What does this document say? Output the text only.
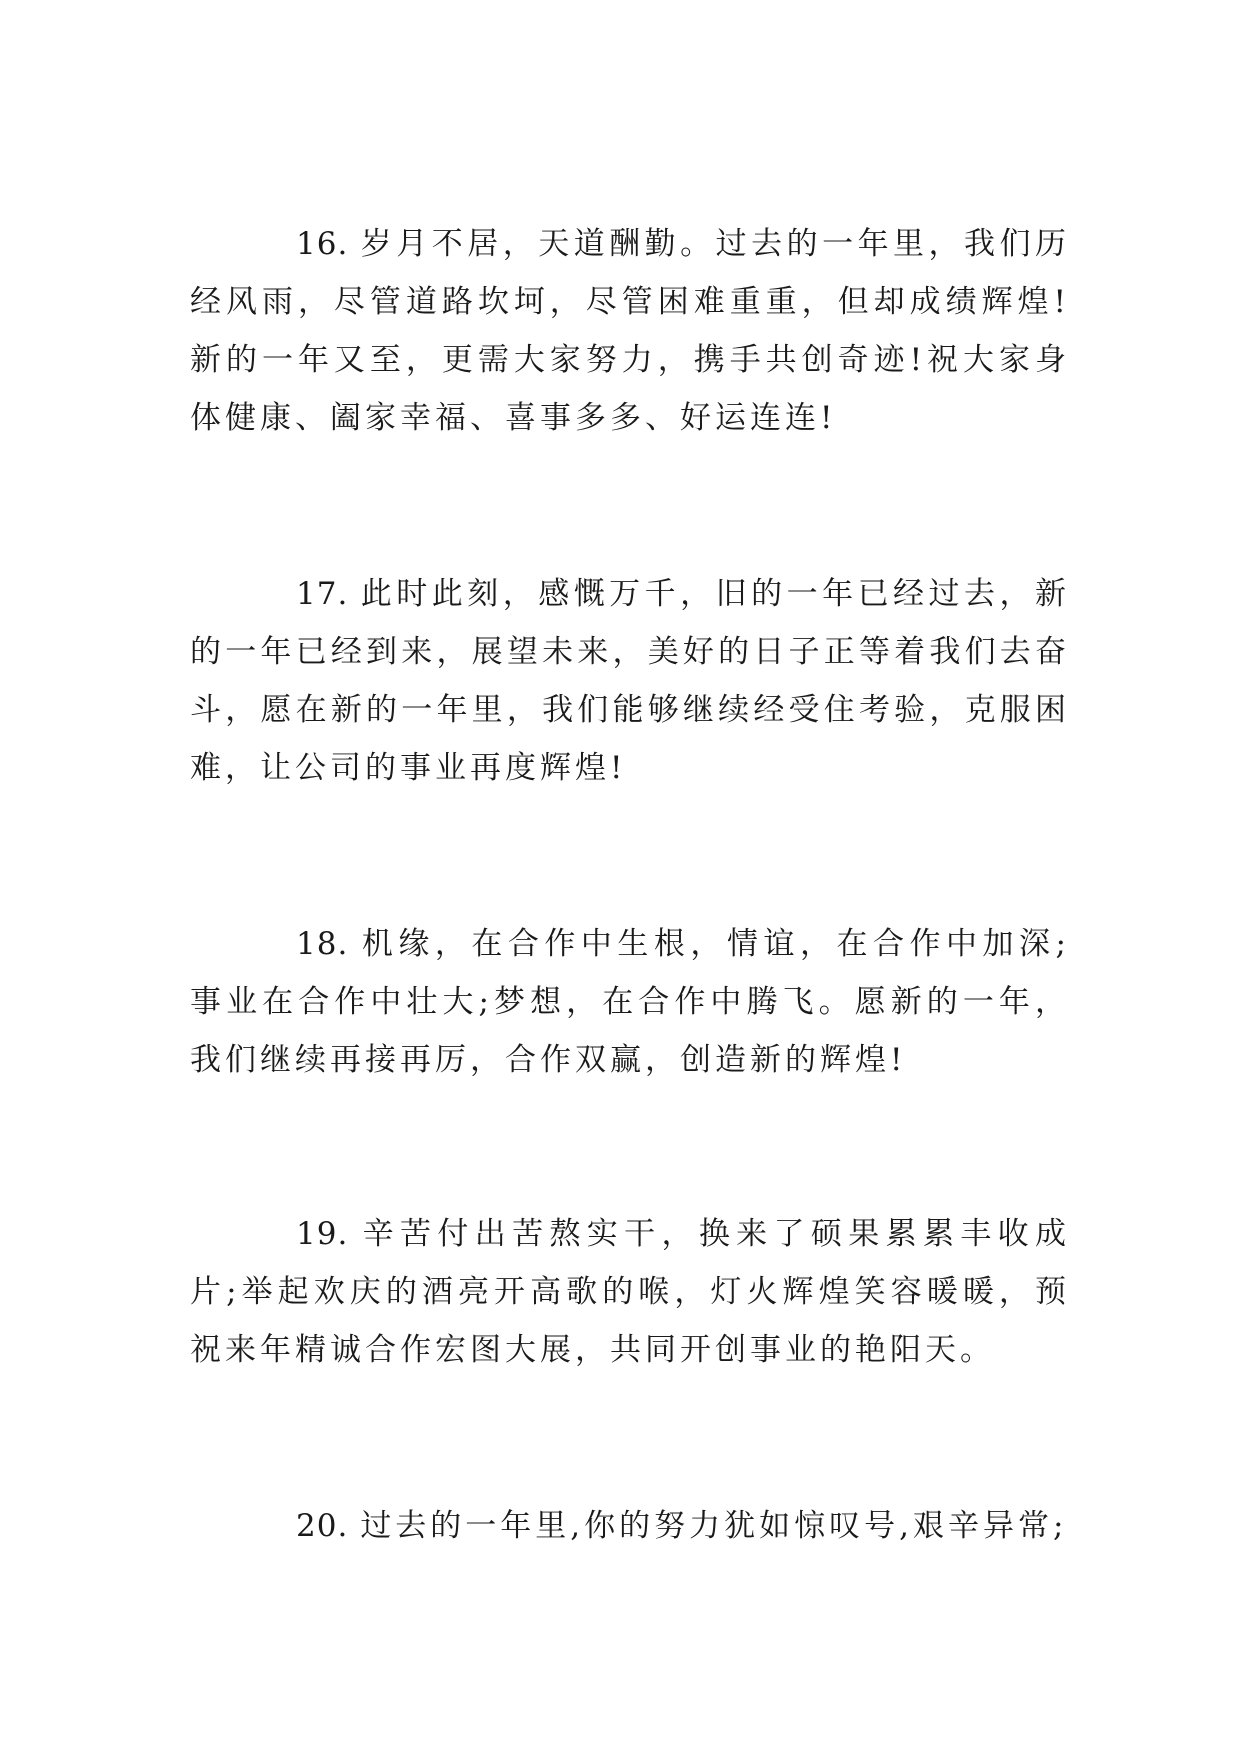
16. 岁月不居，天道酬勤。过去的一年里，我们历经风雨，尽管道路坎坷，尽管困难重重，但却成绩辉煌!新的一年又至，更需大家努力，携手共创奇迹!祝大家身体健康、阖家幸福、喜事多多、好运连连!

17. 此时此刻，感慨万千，旧的一年已经过去，新的一年已经到来，展望未来，美好的日子正等着我们去奋斗，愿在新的一年里，我们能够继续经受住考验，克服困难，让公司的事业再度辉煌!

18. 机缘，在合作中生根，情谊，在合作中加深;事业在合作中壮大;梦想，在合作中腾飞。愿新的一年，我们继续再接再厉，合作双赢，创造新的辉煌!

19. 辛苦付出苦熬实干，换来了硕果累累丰收成片;举起欢庆的酒亮开高歌的喉，灯火辉煌笑容暖暖，预祝来年精诚合作宏图大展，共同开创事业的艳阳天。

20. 过去的一年里,你的努力犹如惊叹号,艰辛异常;
